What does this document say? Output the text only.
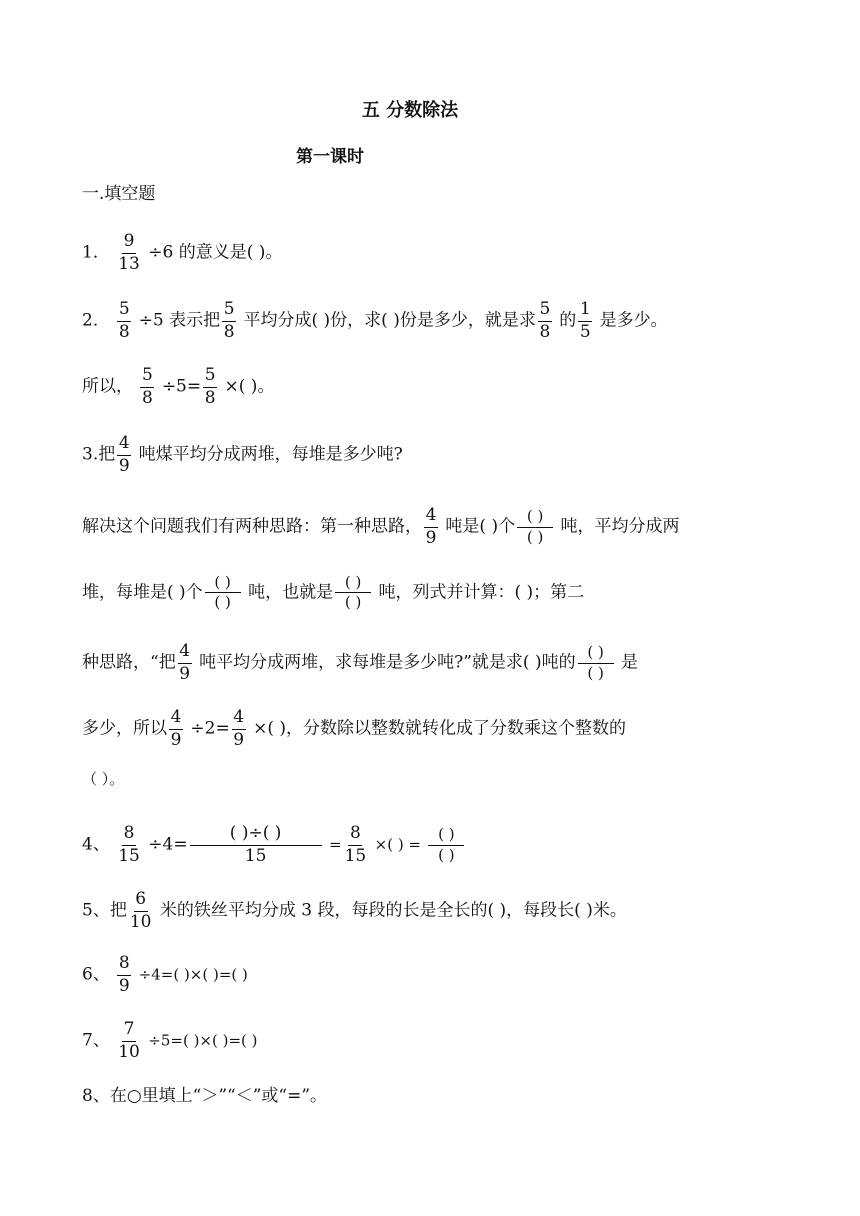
五 分数除法
第一课时
一.填空题
1． $\frac{9}{13} \div 6$ 的意义是( )。
2． $\frac{5}{8} \div 5$ 表示把 $\frac{5}{8}$ 平均分成( )份，求( )份是多少，就是求 $\frac{5}{8}$ 的 $\frac{1}{5}$ 是多少。
所以， $\frac{5}{8} \div 5= \frac{5}{8}$ ×( )。
3.把 $\frac{4}{9}$ 吨煤平均分成两堆，每堆是多少吨?
解决这个问题我们有两种思路：第一种思路， $\frac{4}{9}$ 吨是( )个 $\frac{( )}{( )}$ 吨，平均分成两
堆，每堆是( )个 $\frac{( )}{( )}$ 吨，也就是 $\frac{( )}{( )}$ 吨，列式并计算：( )；第二
种思路，“把 $\frac{4}{9}$ 吨平均分成两堆，求每堆是多少吨?”就是求( )吨的 $\frac{( )}{( )}$ 是
多少，所以 $\frac{4}{9} \div 2= \frac{4}{9}$ ×( )，分数除以整数就转化成了分数乘这个整数的
（ ）。
4、 $\frac{8}{15} \div 4= \frac{( )\div( )}{15} = \frac{8}{15}$ ×( ) = $\frac{( )}{( )}$
5、把 $\frac{6}{10}$ 米的铁丝平均分成 3 段，每段的长是全长的( )，每段长( )米。
6、 $\frac{8}{9} \div 4=$( )×( )=( )
7、 $\frac{7}{10} \div 5=$( )×( )=( )
8、在○里填上“＞”“＜”或“=”。
